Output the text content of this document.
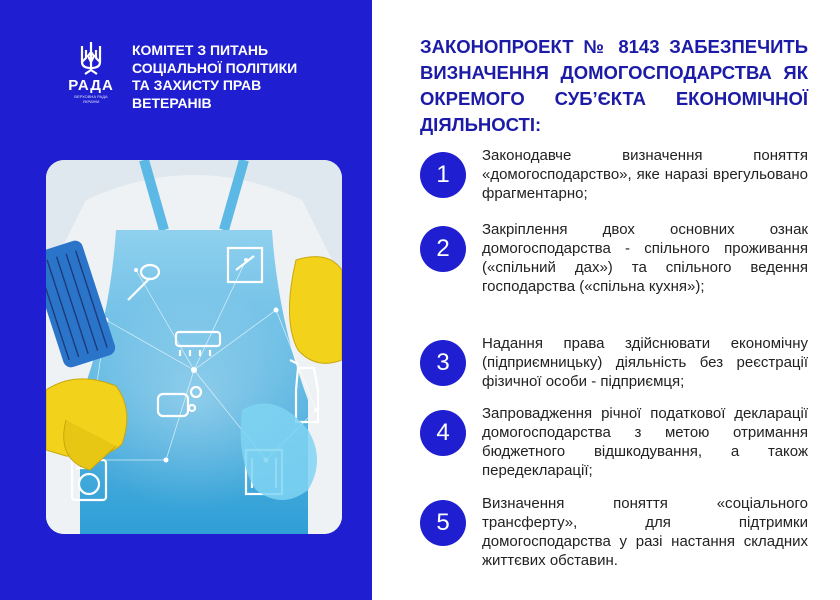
РАДА
ВЕРХОВНА РАДА УКРАЇНИ
КОМІТЕТ З ПИТАНЬ
СОЦІАЛЬНОЇ ПОЛІТИКИ
ТА ЗАХИСТУ ПРАВ
ВЕТЕРАНІВ
ЗАКОНОПРОЕКТ № 8143 ЗАБЕЗПЕЧИТЬ ВИЗНАЧЕННЯ ДОМОГОСПОДАРСТВА ЯК ОКРЕМОГО СУБ’ЄКТА ЕКОНОМІЧНОЇ ДІЯЛЬНОСТІ:
1
Законодавче визначення поняття «домогосподарство», яке наразі врегульовано фрагментарно;
2
Закріплення двох основних ознак домогосподарства - спільного проживання («спільний дах») та спільного ведення господарства («спільна кухня»);
3
Надання права здійснювати економічну (підприємницьку) діяльність без реєстрації фізичної особи - підприємця;
4
Запровадження річної податкової декларації домогосподарства з метою отримання бюджетного відшкодування, а також передекларації;
5
Визначення поняття «соціального трансферту», для підтримки домогосподарства у разі настання складних життєвих обставин.
